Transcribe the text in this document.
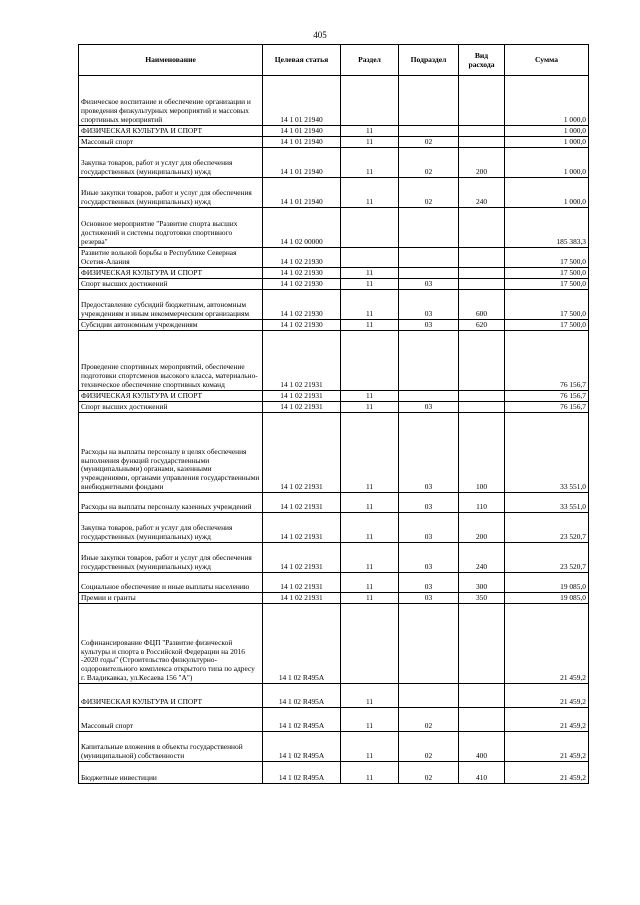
405
Наименование	Целевая статья	Раздел	Подраздел	Вид расхода	Сумма
Физическое воспитание и обеспечение организации и проведения физкультурных мероприятий и массовых спортивных мероприятий	14 1 01 21940				1 000,0
ФИЗИЧЕСКАЯ КУЛЬТУРА И СПОРТ	14 1 01 21940	11			1 000,0
Массовый спорт	14 1 01 21940	11	02		1 000,0
Закупка товаров, работ и услуг для обеспечения государственных (муниципальных) нужд	14 1 01 21940	11	02	200	1 000,0
Иные закупки товаров, работ и услуг для обеспечения государственных (муниципальных) нужд	14 1 01 21940	11	02	240	1 000,0
Основное мероприятие "Развитие спорта высших достижений и системы подготовки спортивного резерва"	14 1 02 00000				185 383,3
Развитие вольной борьбы в Республике Северная Осетия-Алания	14 1 02 21930				17 500,0
ФИЗИЧЕСКАЯ КУЛЬТУРА И СПОРТ	14 1 02 21930	11			17 500,0
Спорт высших достижений	14 1 02 21930	11	03		17 500,0
Предоставление субсидий бюджетным, автономным учреждениям и иным некоммерческим организациям	14 1 02 21930	11	03	600	17 500,0
Субсидии автономным учреждениям	14 1 02 21930	11	03	620	17 500,0
Проведение спортивных мероприятий, обеспечение подготовки спортсменов высокого класса, материально-техническое обеспечение спортивных команд	14 1 02 21931				76 156,7
ФИЗИЧЕСКАЯ КУЛЬТУРА И СПОРТ	14 1 02 21931	11			76 156,7
Спорт высших достижений	14 1 02 21931	11	03		76 156,7
Расходы на выплаты персоналу в целях обеспечения выполнения функций государственными (муниципальными) органами, казенными учреждениями, органами управления государственными внебюджетными фондами	14 1 02 21931	11	03	100	33 551,0
Расходы на выплаты персоналу казенных учреждений	14 1 02 21931	11	03	110	33 551,0
Закупка товаров, работ и услуг для обеспечения государственных (муниципальных) нужд	14 1 02 21931	11	03	200	23 520,7
Иные закупки товаров, работ и услуг для обеспечения государственных (муниципальных) нужд	14 1 02 21931	11	03	240	23 520,7
Социальное обеспечение и иные выплаты населению	14 1 02 21931	11	03	300	19 085,0
Премии и гранты	14 1 02 21931	11	03	350	19 085,0
Софинансирование ФЦП "Развитие физической культуры и спорта в Российской Федерации на 2016 -2020 годы" (Строительство физкультурно-оздоровительного комплекса открытого типа по адресу г. Владикавказ, ул.Кесаева 156 "А")	14 1 02 R495A				21 459,2
ФИЗИЧЕСКАЯ КУЛЬТУРА И СПОРТ	14 1 02 R495A	11			21 459,2
Массовый спорт	14 1 02 R495A	11	02		21 459,2
Капитальные вложения в объекты государственной (муниципальной) собственности	14 1 02 R495A	11	02	400	21 459,2
Бюджетные инвестиции	14 1 02 R495A	11	02	410	21 459,2
